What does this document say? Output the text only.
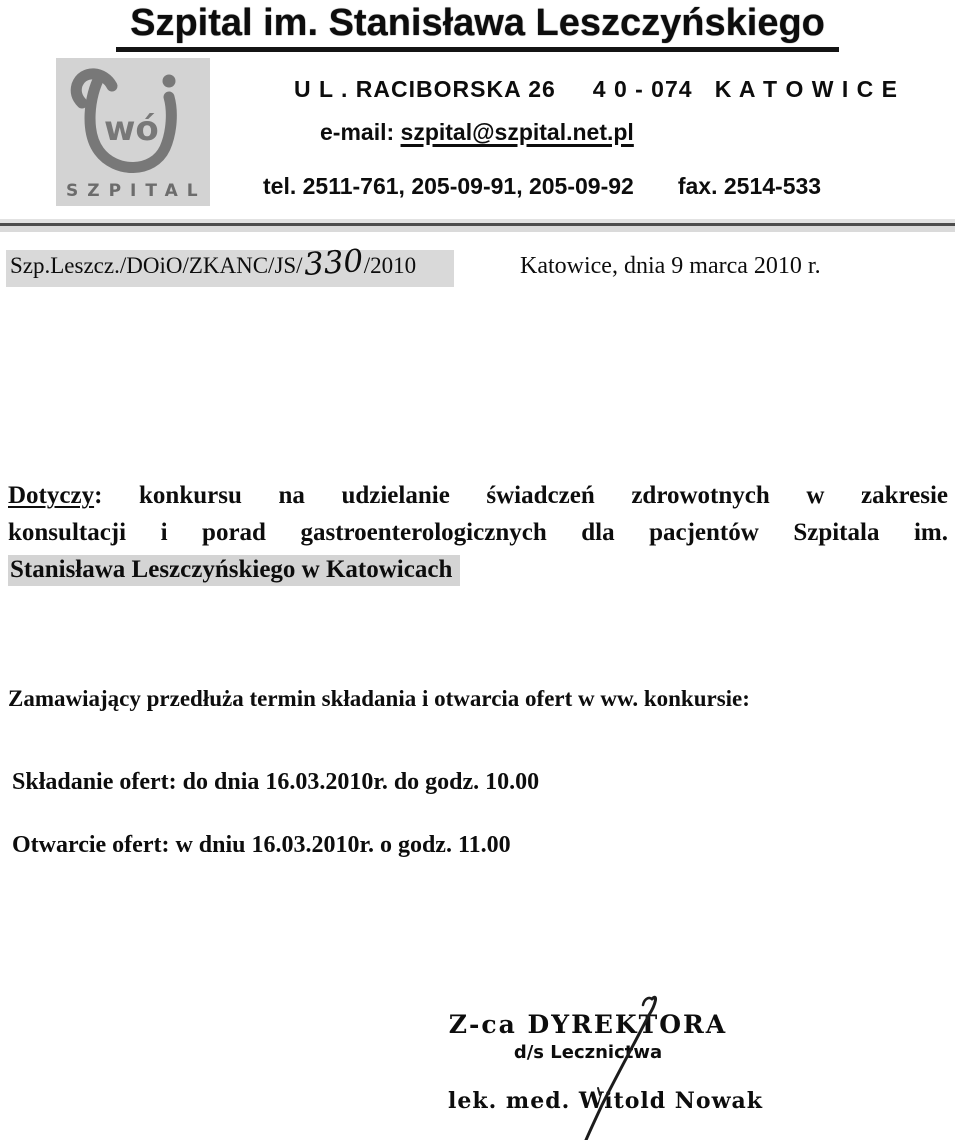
Szpital im. Stanisława Leszczyńskiego
wó
SZPITAL
U L . RACIBORSKA 26     4 0 - 074   K A T O W I C E
e-mail: szpital@szpital.net.pl
tel. 2511-761, 205-09-91, 205-09-92 fax. 2514-533
Szp.Leszcz./DOiO/ZKANC/JS/330/2010	Katowice, dnia 9 marca 2010 r.
Dotyczy: konkursu na udzielanie świadczeń zdrowotnych w zakresie
konsultacji i porad gastroenterologicznych dla pacjentów Szpitala im.
Stanisława Leszczyńskiego w Katowicach
Zamawiający przedłuża termin składania i otwarcia ofert w ww. konkursie:
Składanie ofert: do dnia 16.03.2010r. do godz. 10.00
Otwarcie ofert: w dniu 16.03.2010r. o godz. 11.00
Z-ca DYREKTORA
d/s Lecznictwa
lek. med. Witold Nowak
